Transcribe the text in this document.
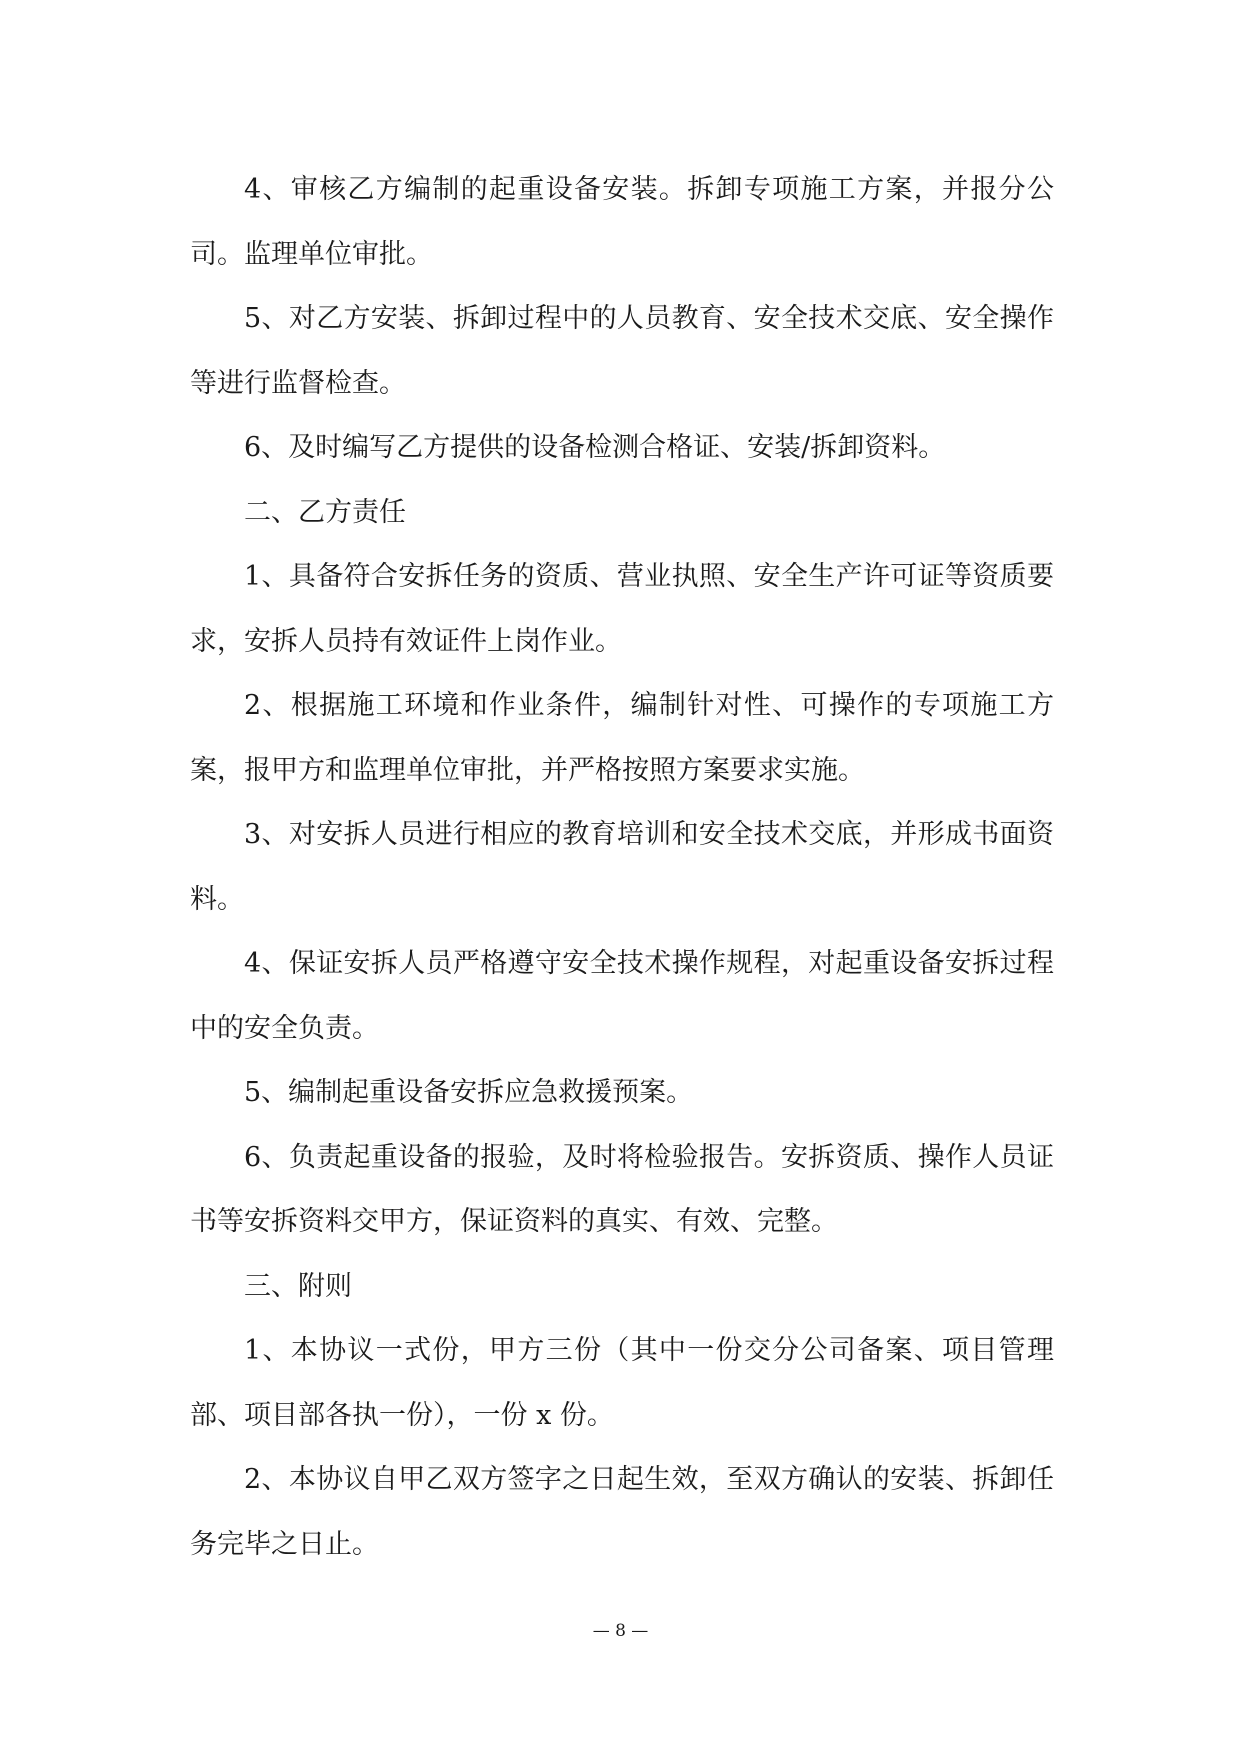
4、审核乙方编制的起重设备安装。拆卸专项施工方案，并报分公司。监理单位审批。

5、对乙方安装、拆卸过程中的人员教育、安全技术交底、安全操作等进行监督检查。

6、及时编写乙方提供的设备检测合格证、安装/拆卸资料。

二、乙方责任

1、具备符合安拆任务的资质、营业执照、安全生产许可证等资质要求，安拆人员持有效证件上岗作业。

2、根据施工环境和作业条件，编制针对性、可操作的专项施工方案，报甲方和监理单位审批，并严格按照方案要求实施。

3、对安拆人员进行相应的教育培训和安全技术交底，并形成书面资料。

4、保证安拆人员严格遵守安全技术操作规程，对起重设备安拆过程中的安全负责。

5、编制起重设备安拆应急救援预案。

6、负责起重设备的报验，及时将检验报告。安拆资质、操作人员证书等安拆资料交甲方，保证资料的真实、有效、完整。

三、附则

1、本协议一式份，甲方三份（其中一份交分公司备案、项目管理部、项目部各执一份），一份 x 份。

2、本协议自甲乙双方签字之日起生效，至双方确认的安装、拆卸任务完毕之日止。

— 8 —
